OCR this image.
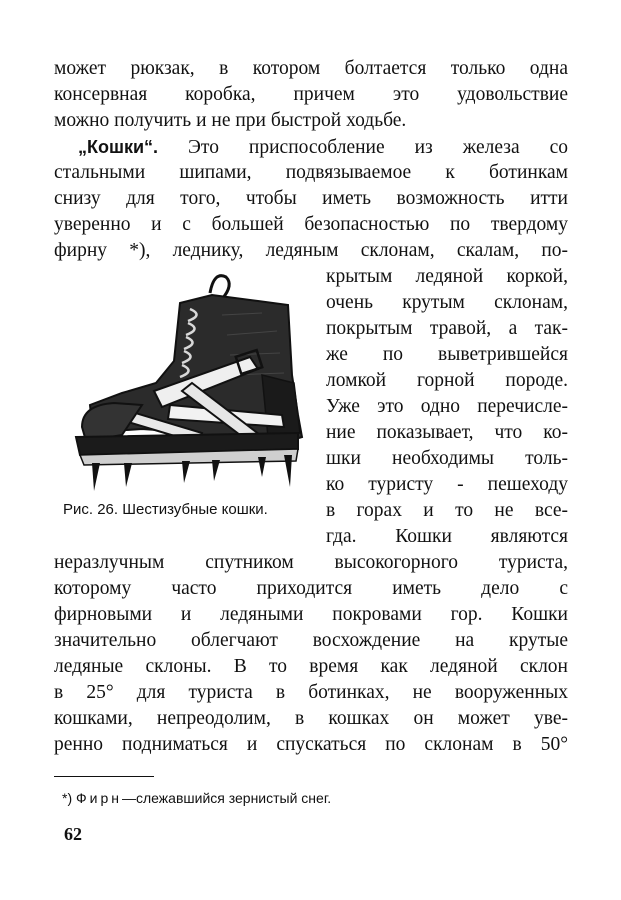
может рюкзак, в котором болтается только одна
консервная коробка, причем это удовольствие
можно получить и не при быстрой ходьбе.
„Кошки“. Это приспособление из железа со
стальными шипами, подвязываемое к ботинкам
снизу для того, чтобы иметь возможность итти
уверенно и с большей безопасностью по твердому
фирну *), леднику, ледяным склонам, скалам, по-
крытым ледяной коркой,
очень крутым склонам,
покрытым травой, а так-
же по выветрившейся
ломкой горной породе.
Уже это одно перечисле-
ние показывает, что ко-
шки необходимы толь-
ко туристу - пешеходу
в горах и то не все-
гда. Кошки являются
Рис. 26. Шестизубные кошки.
неразлучным спутником высокогорного туриста,
которому часто приходится иметь дело с
фирновыми и ледяными покровами гор. Кошки
значительно облегчают восхождение на крутые
ледяные склоны. В то время как ледяной склон
в 25° для туриста в ботинках, не вооруженных
кошками, непреодолим, в кошках он может уве-
ренно подниматься и спускаться по склонам в 50°
*) Фирн—слежавшийся зернистый снег.
62
